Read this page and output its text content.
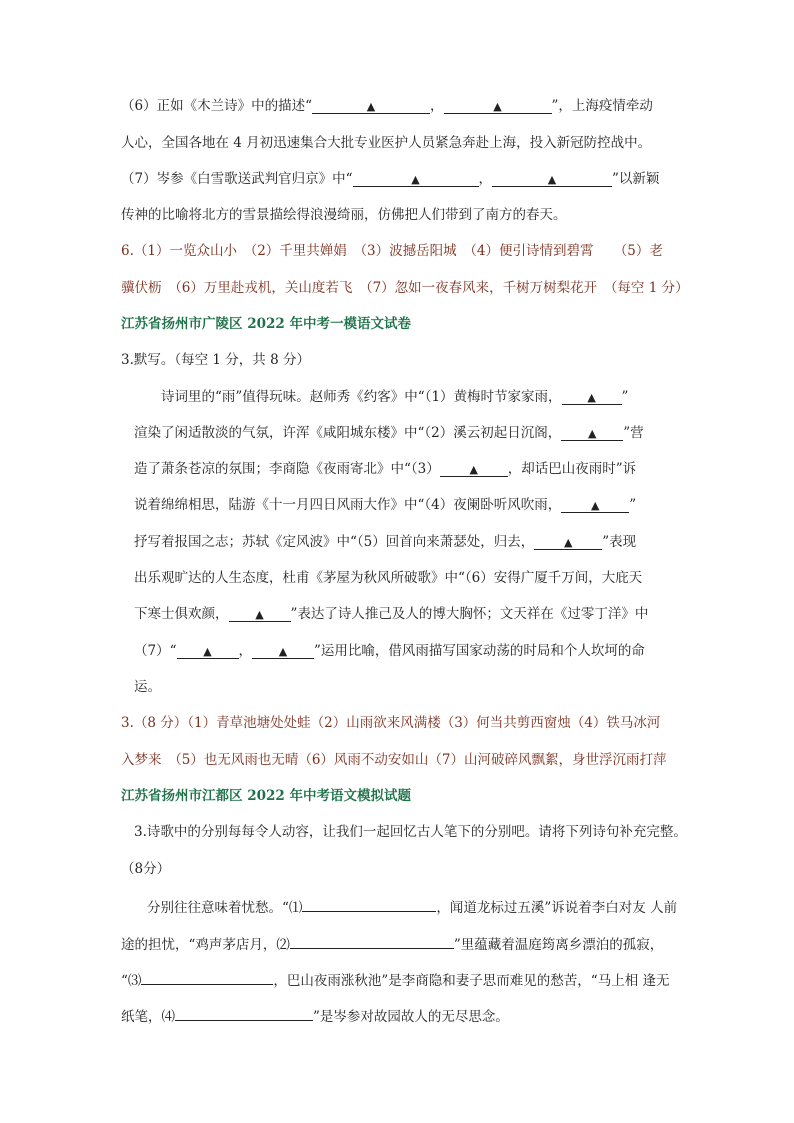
（6）正如《木兰诗》中的描述“	▲	，	▲	”，上海疫情牵动
人心，全国各地在 4 月初迅速集合大批专业医护人员紧急奔赴上海，投入新冠防控战中。
（7）岑参《白雪歌送武判官归京》中“	▲	，	▲	”以新颖
传神的比喻将北方的雪景描绘得浪漫绮丽，仿佛把人们带到了南方的春天。
6.（1）一览众山小　（2）千里共婵娟　（3）波撼岳阳城　（4）便引诗情到碧霄　　（5）老
骥伏枥　（6）万里赴戎机，关山度若飞　（7）忽如一夜春风来，千树万树梨花开　（每空 1 分）
江苏省扬州市广陵区 2022 年中考一模语文试卷
3.默写。（每空 1 分，共 8 分）
诗词里的“雨”值得玩味。赵师秀《约客》中“（1）黄梅时节家家雨， ▲ ”
渲染了闲适散淡的气氛，许浑《咸阳城东楼》中“（2）溪云初起日沉阁， ▲ ”营
造了萧条苍凉的氛围；李商隐《夜雨寄北》中“（3）	▲ ，却话巴山夜雨时”诉
说着绵绵相思，陆游《十一月四日风雨大作》中“（4）夜阑卧听风吹雨，	▲ ”
抒写着报国之志；苏轼《定风波》中“（5）回首向来萧瑟处，归去，	▲ ”表现
出乐观旷达的人生态度，杜甫《茅屋为秋风所破歌》中“（6）安得广厦千万间，大庇天
下寒士俱欢颜， ▲ ”表达了诗人推己及人的博大胸怀；文天祥在《过零丁洋》中
（7）“ ▲ ， ▲ ”运用比喻，借风雨描写国家动荡的时局和个人坎坷的命
运。
3.（8 分）（1）青草池塘处处蛙（2）山雨欲来风满楼（3）何当共剪西窗烛（4）铁马冰河
入梦来　（5）也无风雨也无晴（6）风雨不动安如山（7）山河破碎风飘絮，身世浮沉雨打萍
江苏省扬州市江都区 2022 年中考语文模拟试题
3.诗歌中的分别每每令人动容，让我们一起回忆古人笔下的分别吧。请将下列诗句补充完整。
（8分）
分别往往意味着忧愁。“⑴	，闻道龙标过五溪”诉说着李白对友 人前
途的担忧，“鸡声茅店月，⑵	”里蕴藏着温庭筠离乡漂泊的孤寂，
“⑶	，巴山夜雨涨秋池”是李商隐和妻子思而难见的愁苦，“马上相 逢无
纸笔，⑷	”是岑参对故园故人的无尽思念。
